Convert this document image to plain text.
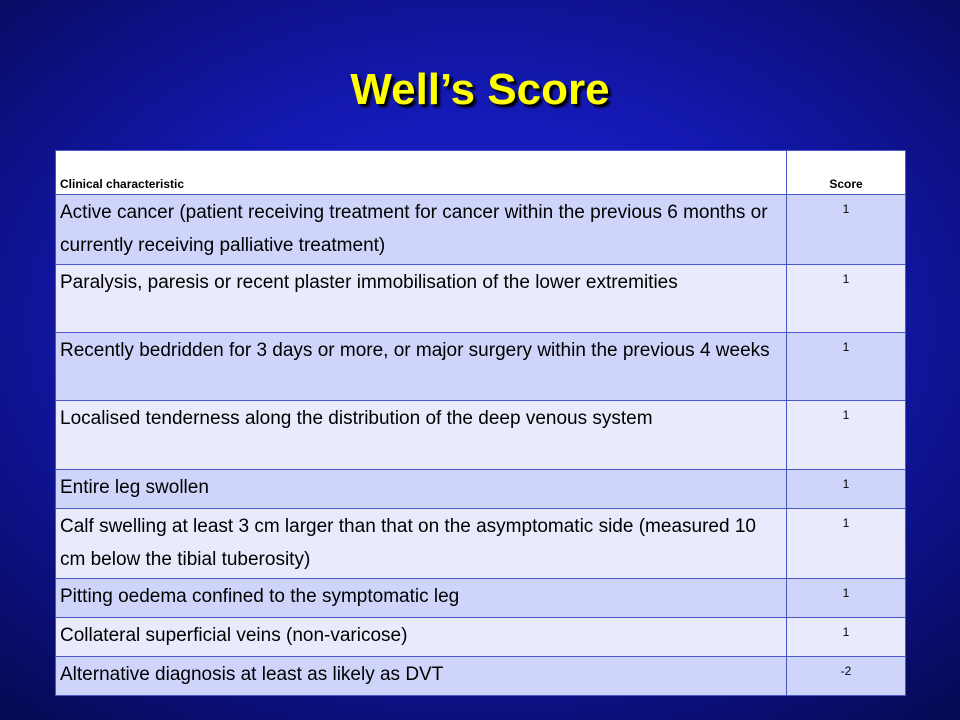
Well’s Score
Clinical characteristic	Score
Active cancer (patient receiving treatment for cancer within the previous 6 months or currently receiving palliative treatment)	1
Paralysis, paresis or recent plaster immobilisation of the lower extremities	1
Recently bedridden for 3 days or more, or major surgery within the previous 4 weeks	1
Localised tenderness along the distribution of the deep venous system	1
Entire leg swollen	1
Calf swelling at least 3 cm larger than that on the asymptomatic side (measured 10 cm below the tibial tuberosity)	1
Pitting oedema confined to the symptomatic leg	1
Collateral superficial veins (non-varicose)	1
Alternative diagnosis at least as likely as DVT	-2
